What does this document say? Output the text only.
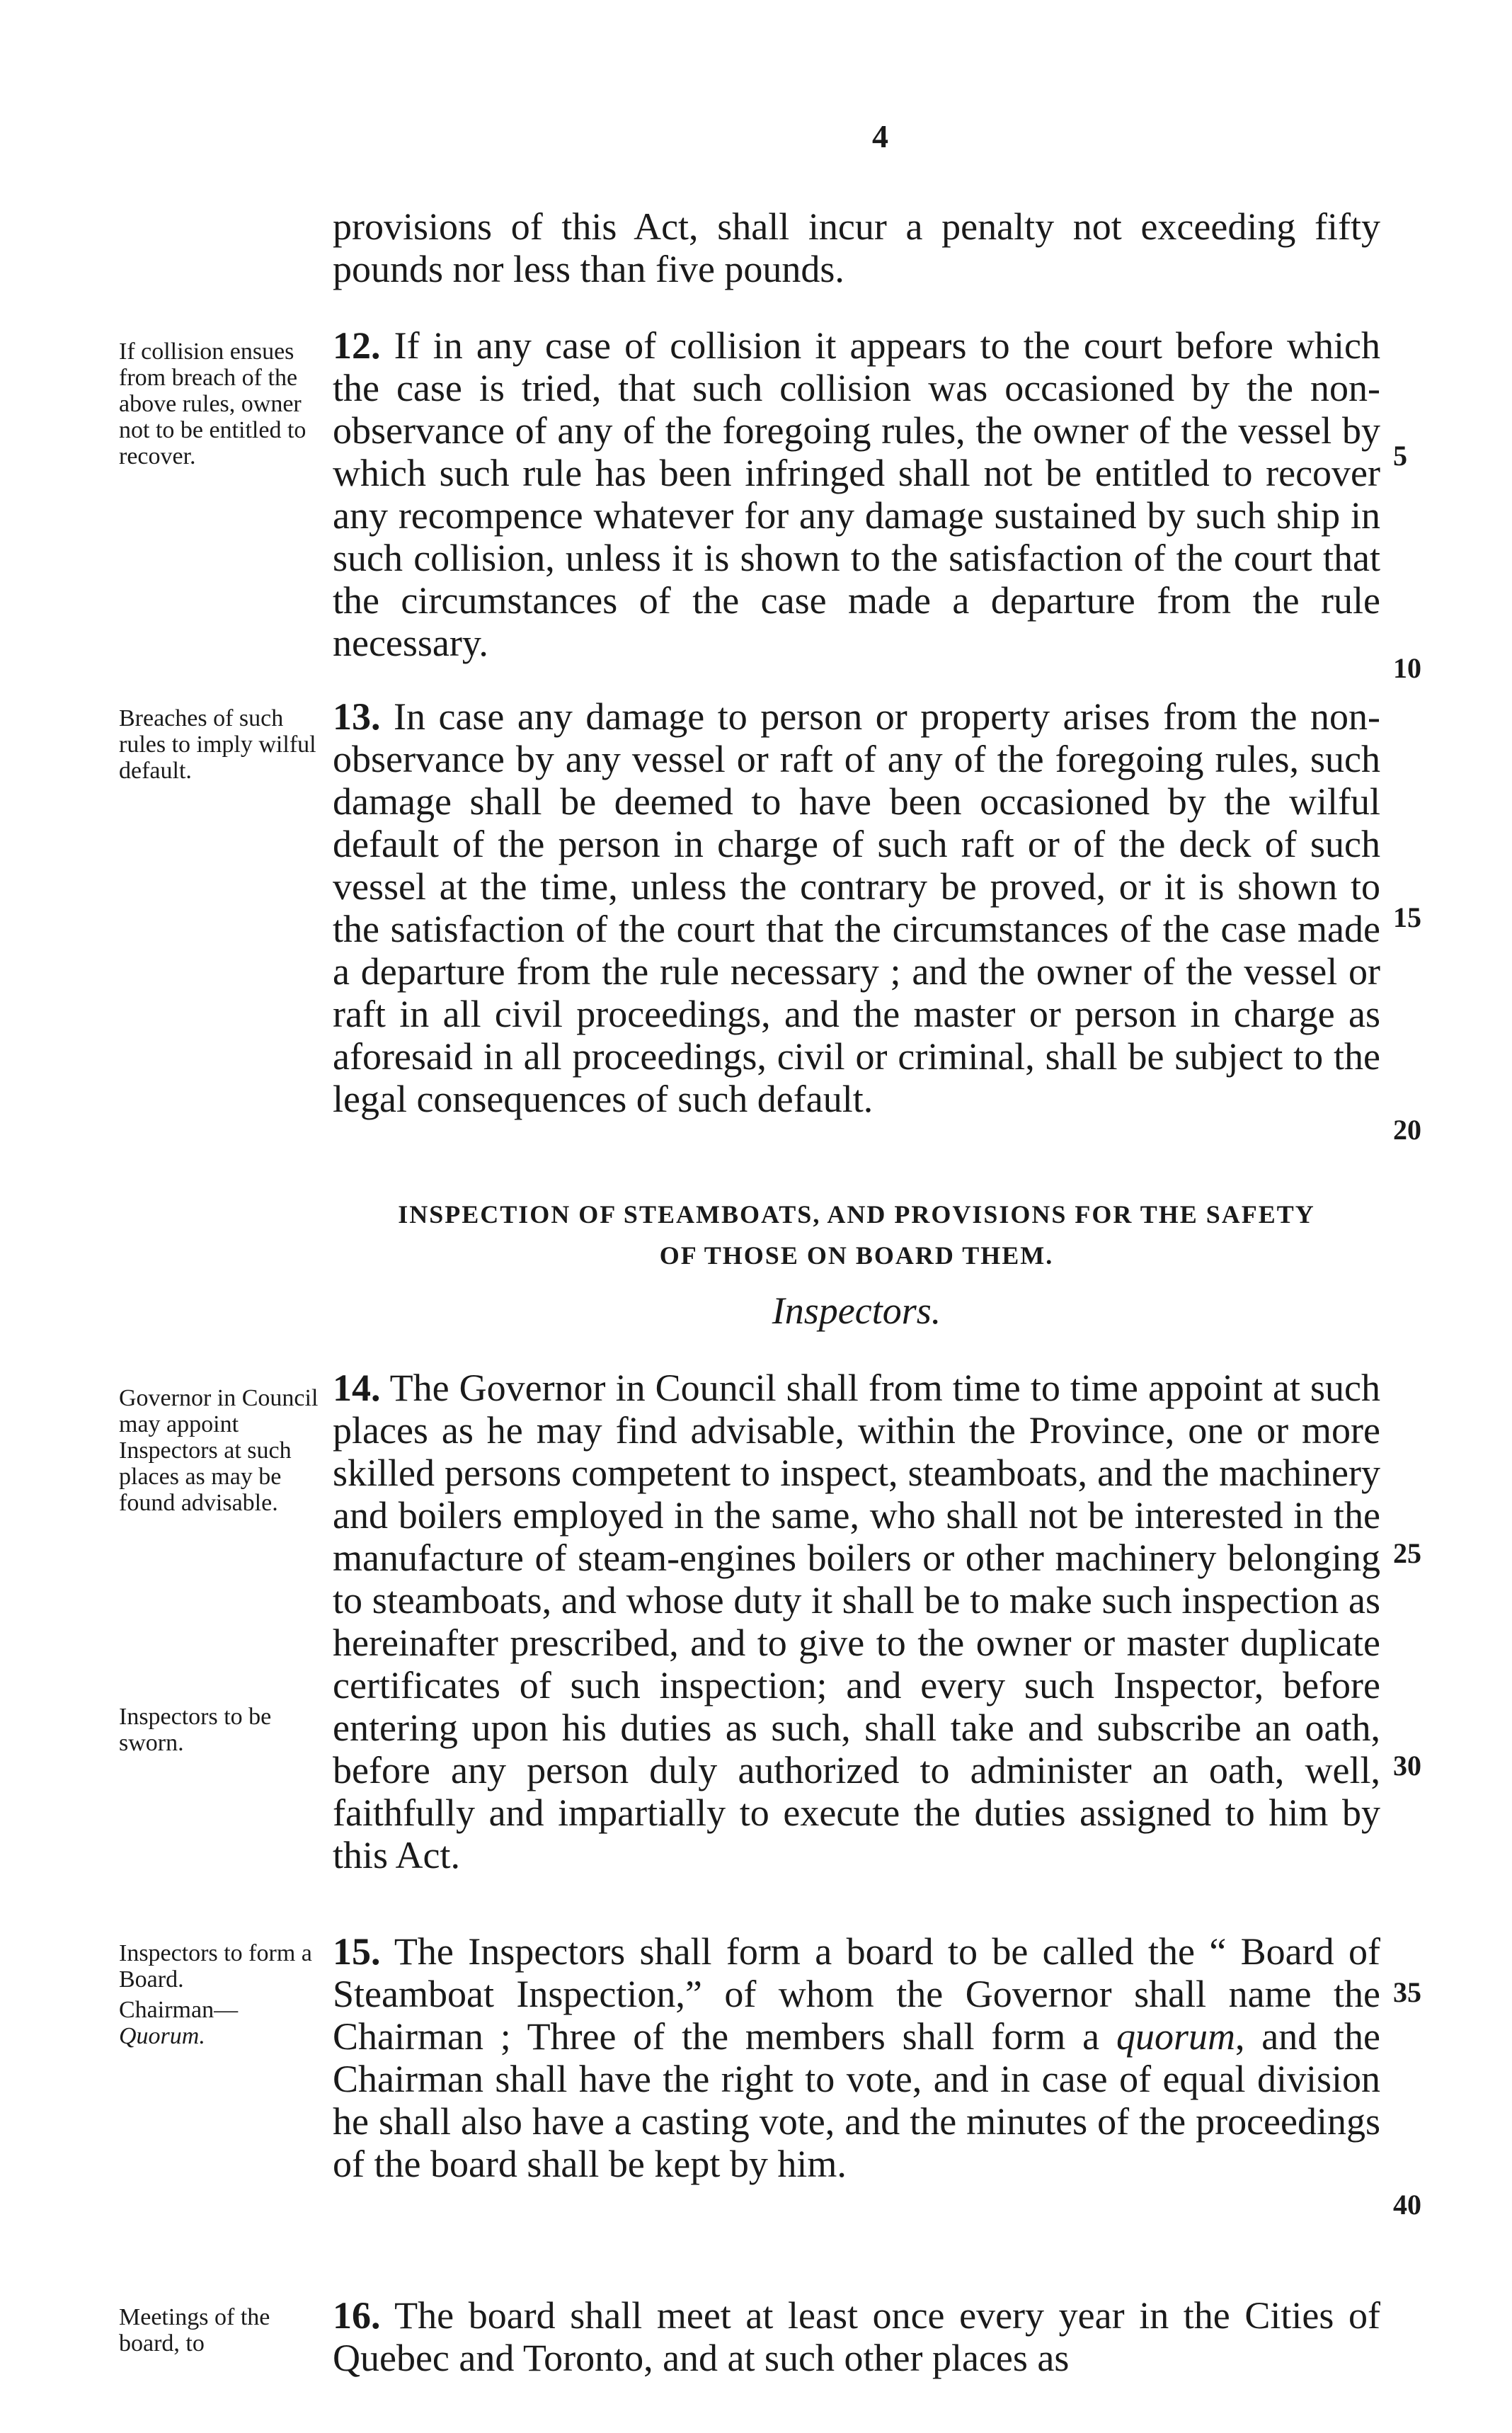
4
provisions of this Act, shall incur a penalty not exceeding fifty pounds nor less than five pounds.
If collision ensues from breach of the above rules, owner not to be entitled to recover.

12. If in any case of collision it appears to the court before which the case is tried, that such collision was occasioned by the non-observance of any of the foregoing rules, the owner of the vessel by which such rule has been infringed shall not be entitled to recover any recompence whatever for any damage sustained by such ship in such collision, unless it is shown to the satisfaction of the court that the circumstances of the case made a departure from the rule necessary.

Breaches of such rules to imply wilful default.

13. In case any damage to person or property arises from the non-observance by any vessel or raft of any of the foregoing rules, such damage shall be deemed to have been occasioned by the wilful default of the person in charge of such raft or of the deck of such vessel at the time, unless the contrary be proved, or it is shown to the satisfaction of the court that the circumstances of the case made a departure from the rule necessary ; and the owner of the vessel or raft in all civil proceedings, and the master or person in charge as aforesaid in all proceedings, civil or criminal, shall be subject to the legal consequences of such default.

INSPECTION OF STEAMBOATS, AND PROVISIONS FOR THE SAFETY
OF THOSE ON BOARD THEM.
Inspectors.
Governor in Council may appoint Inspectors at such places as may be found advisable.
Inspectors to be sworn.

14. The Governor in Council shall from time to time appoint at such places as he may find advisable, within the Province, one or more skilled persons competent to inspect, steamboats, and the machinery and boilers employed in the same, who shall not be interested in the manufacture of steam-engines boilers or other machinery belonging to steamboats, and whose duty it shall be to make such inspection as hereinafter prescribed, and to give to the owner or master duplicate certificates of such inspection; and every such Inspector, before entering upon his duties as such, shall take and subscribe an oath, before any person duly authorized to administer an oath, well, faithfully and impartially to execute the duties assigned to him by this Act.

Inspectors to form a Board.
Chairman—
Quorum.

15. The Inspectors shall form a board to be called the “ Board of Steamboat Inspection,” of whom the Governor shall name the Chairman ; Three of the members shall form a quorum, and the Chairman shall have the right to vote, and in case of equal division he shall also have a casting vote, and the minutes of the proceedings of the board shall be kept by him.

Meetings of the board, to

16. The board shall meet at least once every year in the Cities of Quebec and Toronto, and at such other places as

5
10
15
20
25
30
35
40
